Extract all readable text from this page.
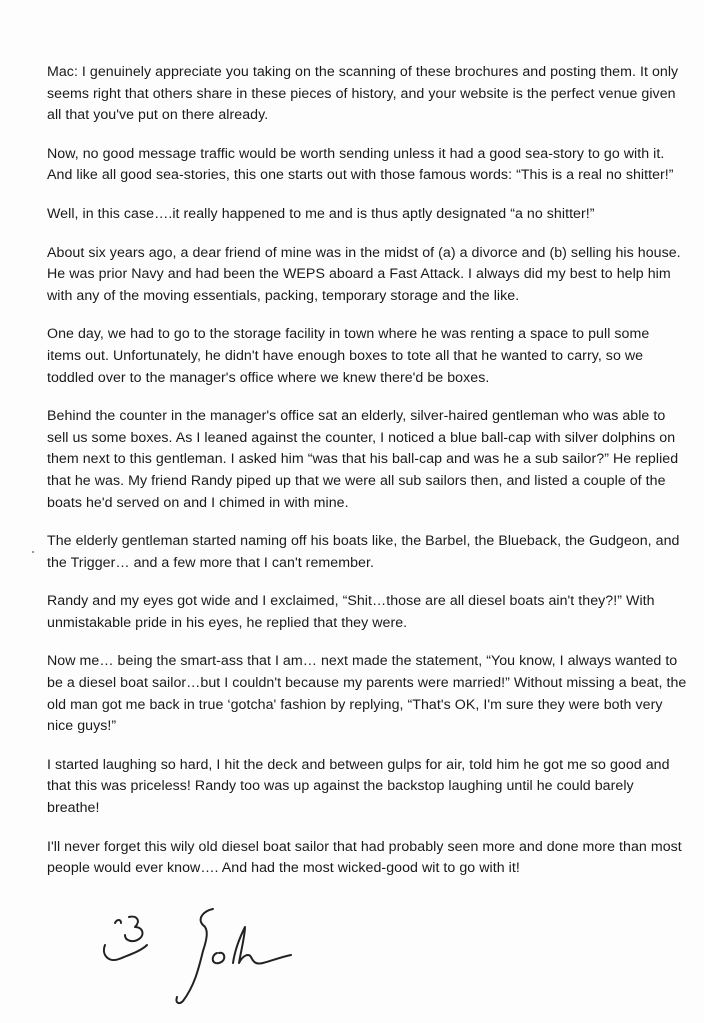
Mac: I genuinely appreciate you taking on the scanning of these brochures and posting them. It only seems right that others share in these pieces of history, and your website is the perfect venue given all that you've put on there already.

Now, no good message traffic would be worth sending unless it had a good sea-story to go with it. And like all good sea-stories, this one starts out with those famous words: “This is a real no shitter!”

Well, in this case….it really happened to me and is thus aptly designated “a no shitter!”

About six years ago, a dear friend of mine was in the midst of (a) a divorce and (b) selling his house. He was prior Navy and had been the WEPS aboard a Fast Attack. I always did my best to help him with any of the moving essentials, packing, temporary storage and the like.

One day, we had to go to the storage facility in town where he was renting a space to pull some items out. Unfortunately, he didn't have enough boxes to tote all that he wanted to carry, so we toddled over to the manager's office where we knew there'd be boxes.

Behind the counter in the manager's office sat an elderly, silver-haired gentleman who was able to sell us some boxes. As I leaned against the counter, I noticed a blue ball-cap with silver dolphins on them next to this gentleman. I asked him “was that his ball-cap and was he a sub sailor?” He replied that he was. My friend Randy piped up that we were all sub sailors then, and listed a couple of the boats he'd served on and I chimed in with mine.

The elderly gentleman started naming off his boats like, the Barbel, the Blueback, the Gudgeon, and the Trigger… and a few more that I can't remember.

Randy and my eyes got wide and I exclaimed, “Shit…those are all diesel boats ain't they?!” With unmistakable pride in his eyes, he replied that they were.

Now me… being the smart-ass that I am… next made the statement, “You know, I always wanted to be a diesel boat sailor…but I couldn't because my parents were married!” Without missing a beat, the old man got me back in true ‘gotcha' fashion by replying, “That's OK, I'm sure they were both very nice guys!”

I started laughing so hard, I hit the deck and between gulps for air, told him he got me so good and that this was priceless! Randy too was up against the backstop laughing until he could barely breathe!

I'll never forget this wily old diesel boat sailor that had probably seen more and done more than most people would ever know…. And had the most wicked-good wit to go with it!
